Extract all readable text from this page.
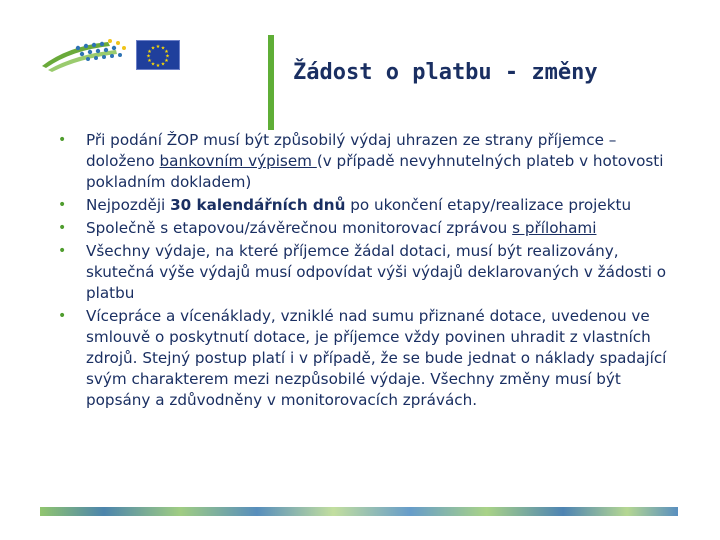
★ ★
★
★
★
★
★
★
★
★
★
★
Žádost o platbu - změny
• Při podání ŽOP musí být způsobilý výdaj uhrazen ze strany příjemce – doloženo bankovním výpisem (v případě nevyhnutelných plateb v hotovosti pokladním dokladem)
• Nejpozději 30 kalendářních dnů po ukončení etapy/realizace projektu
• Společně s etapovou/závěrečnou monitorovací zprávou s přílohami
• Všechny výdaje, na které příjemce žádal dotaci, musí být realizovány, skutečná výše výdajů musí odpovídat výši výdajů deklarovaných v žádosti o platbu
• Vícepráce a vícenáklady, vzniklé nad sumu přiznané dotace, uvedenou ve smlouvě o poskytnutí dotace, je příjemce vždy povinen uhradit z vlastních zdrojů. Stejný postup platí i v případě, že se bude jednat o náklady spadající svým charakterem mezi nezpůsobilé výdaje. Všechny změny musí být popsány a zdůvodněny v monitorovacích zprávách.
